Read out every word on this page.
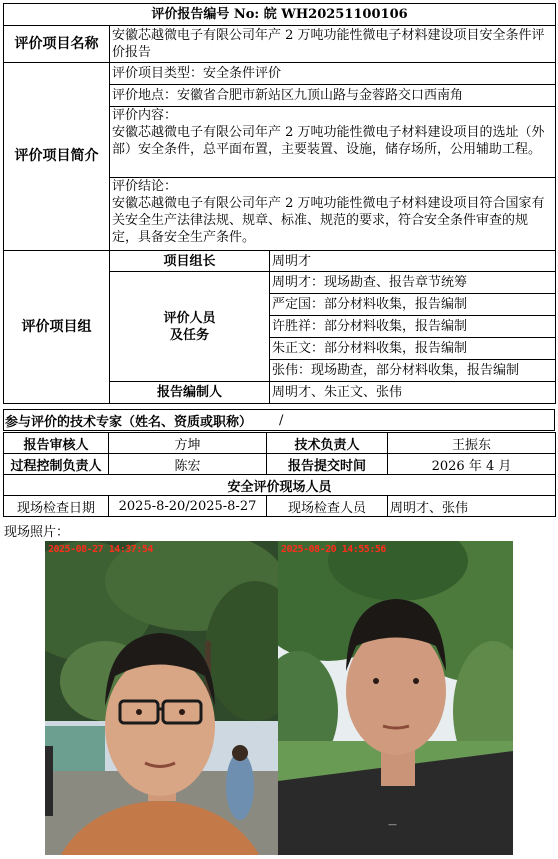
评价报告编号 No: 皖 WH20251100106
评价项目名称	安徽芯越微电子有限公司年产 2 万吨功能性微电子材料建设项目安全条件评价报告
评价项目简介	
评价项目类型：安全条件评价
评价地点：安徽省合肥市新站区九顶山路与金蓉路交口西南角

评价内容：
安徽芯越微电子有限公司年产 2 万吨功能性微电子材料建设项目的选址（外部）安全条件，总平面布置，主要装置、设施，储存场所，公用辅助工程。

评价结论：
安徽芯越微电子有限公司年产 2 万吨功能性微电子材料建设项目符合国家有关安全生产法律法规、规章、标准、规范的要求，符合安全条件审查的规定，具备安全生产条件。

评价项目组	项目组长	周明才

评价人员
及任务
	周明才：现场勘查、报告章节统筹
严定国：部分材料收集，报告编制
许胜祥：部分材料收集，报告编制
朱正文：部分材料收集，报告编制
张伟：现场勘查，部分材料收集，报告编制
报告编制人	周明才、朱正文、张伟
参与评价的技术专家（姓名、资质或职称）	/
报告审核人	方坤	技术负责人	王振东
过程控制负责人	陈宏	报告提交时间	2026 年 4 月
安全评价现场人员			
现场检查日期	2025-8-20/2025-8-27	现场检查人员	周明才、张伟
现场照片：
2025-08-27 14:37:54
—
2025-08-20 14:55:56
